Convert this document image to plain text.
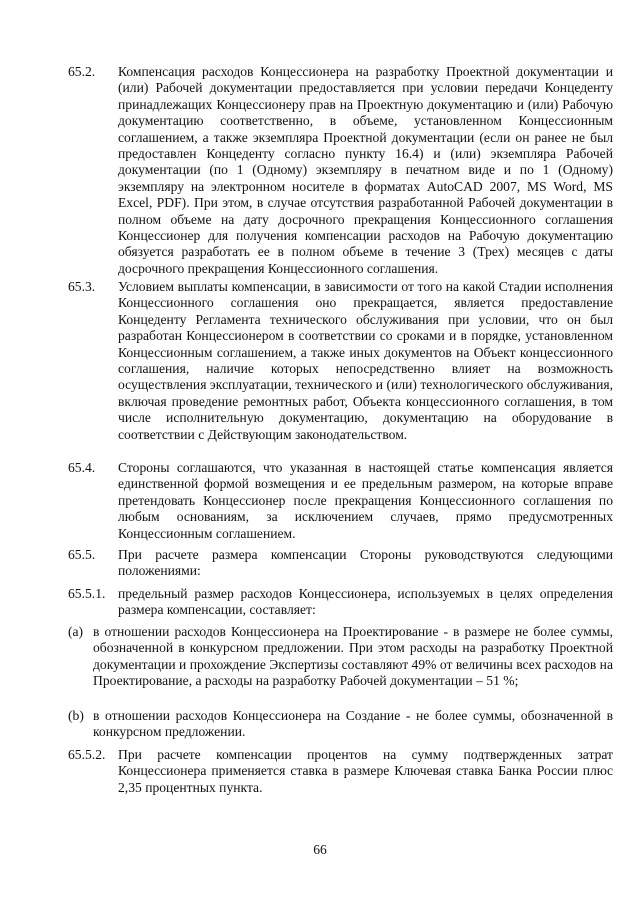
65.2. Компенсация расходов Концессионера на разработку Проектной документации и (или) Рабочей документации предоставляется при условии передачи Концеденту принадлежащих Концессионеру прав на Проектную документацию и (или) Рабочую документацию соответственно, в объеме, установленном Концессионным соглашением, а также экземпляра Проектной документации (если он ранее не был предоставлен Концеденту согласно пункту 16.4) и (или) экземпляра Рабочей документации (по 1 (Одному) экземпляру в печатном виде и по 1 (Одному) экземпляру на электронном носителе в форматах AutoCAD 2007, MS Word, MS Excel, PDF). При этом, в случае отсутствия разработанной Рабочей документации в полном объеме на дату досрочного прекращения Концессионного соглашения Концессионер для получения компенсации расходов на Рабочую документацию обязуется разработать ее в полном объеме в течение 3 (Трех) месяцев с даты досрочного прекращения Концессионного соглашения.
65.3. Условием выплаты компенсации, в зависимости от того на какой Стадии исполнения Концессионного соглашения оно прекращается, является предоставление Концеденту Регламента технического обслуживания при условии, что он был разработан Концессионером в соответствии со сроками и в порядке, установленном Концессионным соглашением, а также иных документов на Объект концессионного соглашения, наличие которых непосредственно влияет на возможность осуществления эксплуатации, технического и (или) технологического обслуживания, включая проведение ремонтных работ, Объекта концессионного соглашения, в том числе исполнительную документацию, документацию на оборудование в соответствии с Действующим законодательством.
65.4. Стороны соглашаются, что указанная в настоящей статье компенсация является единственной формой возмещения и ее предельным размером, на которые вправе претендовать Концессионер после прекращения Концессионного соглашения по любым основаниям, за исключением случаев, прямо предусмотренных Концессионным соглашением.
65.5. При расчете размера компенсации Стороны руководствуются следующими положениями:
65.5.1. предельный размер расходов Концессионера, используемых в целях определения размера компенсации, составляет:
(a) в отношении расходов Концессионера на Проектирование - в размере не более суммы, обозначенной в конкурсном предложении. При этом расходы на разработку Проектной документации и прохождение Экспертизы составляют 49% от величины всех расходов на Проектирование, а расходы на разработку Рабочей документации – 51 %;
(b) в отношении расходов Концессионера на Создание - не более суммы, обозначенной в конкурсном предложении.
65.5.2. При расчете компенсации процентов на сумму подтвержденных затрат Концессионера применяется ставка в размере Ключевая ставка Банка России плюс 2,35 процентных пункта.
66
